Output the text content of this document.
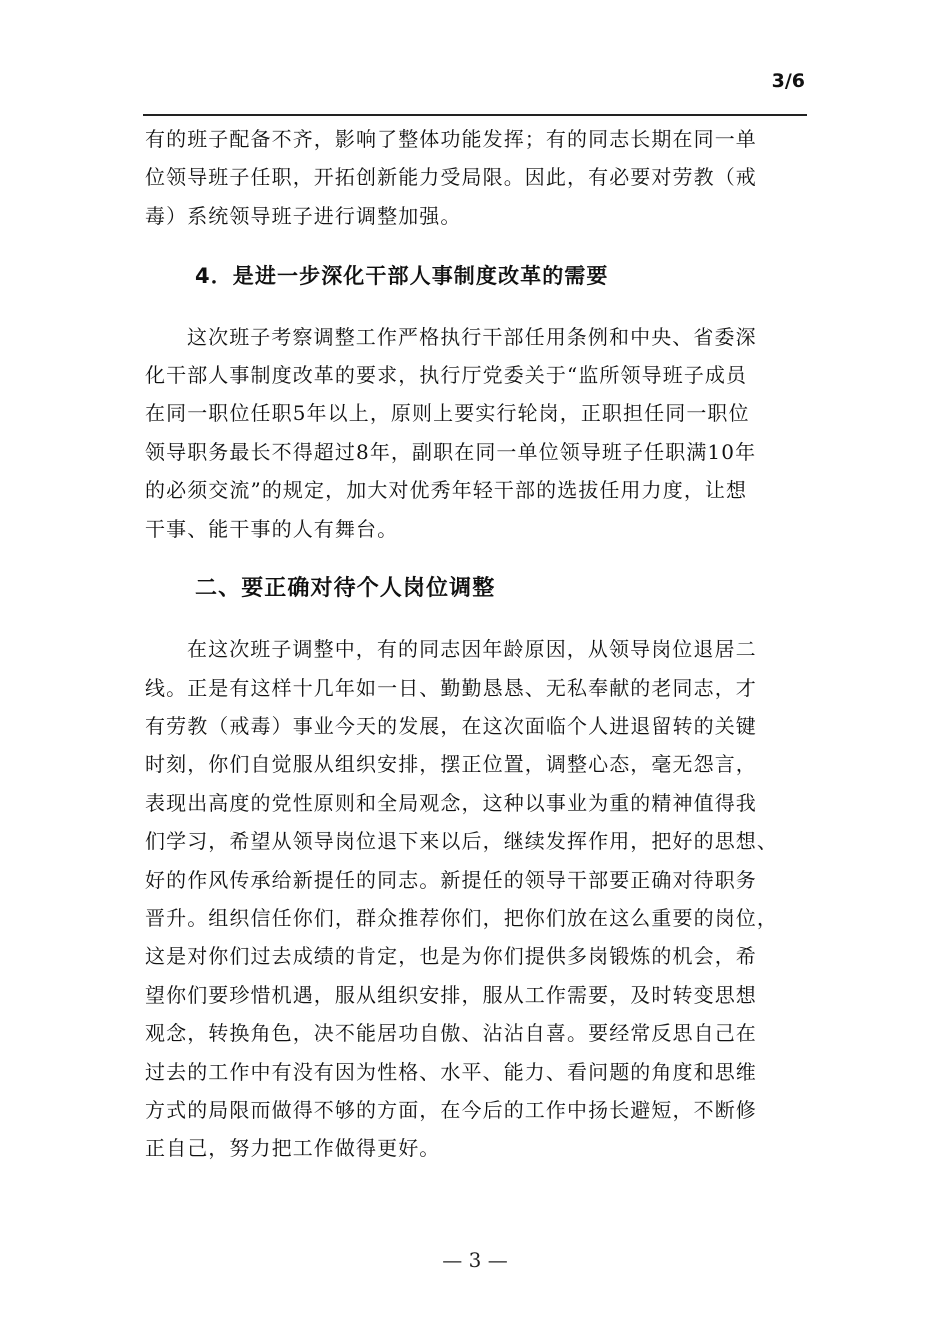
3/6
有的班子配备不齐，影响了整体功能发挥；有的同志长期在同一单
位领导班子任职，开拓创新能力受局限。因此，有必要对劳教（戒
毒）系统领导班子进行调整加强。
4．是进一步深化干部人事制度改革的需要
这次班子考察调整工作严格执行干部任用条例和中央、省委深
化干部人事制度改革的要求，执行厅党委关于“监所领导班子成员
在同一职位任职5年以上，原则上要实行轮岗，正职担任同一职位
领导职务最长不得超过8年，副职在同一单位领导班子任职满10年
的必须交流”的规定，加大对优秀年轻干部的选拔任用力度，让想
干事、能干事的人有舞台。
二、要正确对待个人岗位调整
在这次班子调整中，有的同志因年龄原因，从领导岗位退居二
线。正是有这样十几年如一日、勤勤恳恳、无私奉献的老同志，才
有劳教（戒毒）事业今天的发展，在这次面临个人进退留转的关键
时刻，你们自觉服从组织安排，摆正位置，调整心态，毫无怨言，
表现出高度的党性原则和全局观念，这种以事业为重的精神值得我
们学习，希望从领导岗位退下来以后，继续发挥作用，把好的思想、
好的作风传承给新提任的同志。新提任的领导干部要正确对待职务
晋升。组织信任你们，群众推荐你们，把你们放在这么重要的岗位，
这是对你们过去成绩的肯定，也是为你们提供多岗锻炼的机会，希
望你们要珍惜机遇，服从组织安排，服从工作需要，及时转变思想
观念，转换角色，决不能居功自傲、沾沾自喜。要经常反思自己在
过去的工作中有没有因为性格、水平、能力、看问题的角度和思维
方式的局限而做得不够的方面，在今后的工作中扬长避短，不断修
正自己，努力把工作做得更好。
— 3 —
